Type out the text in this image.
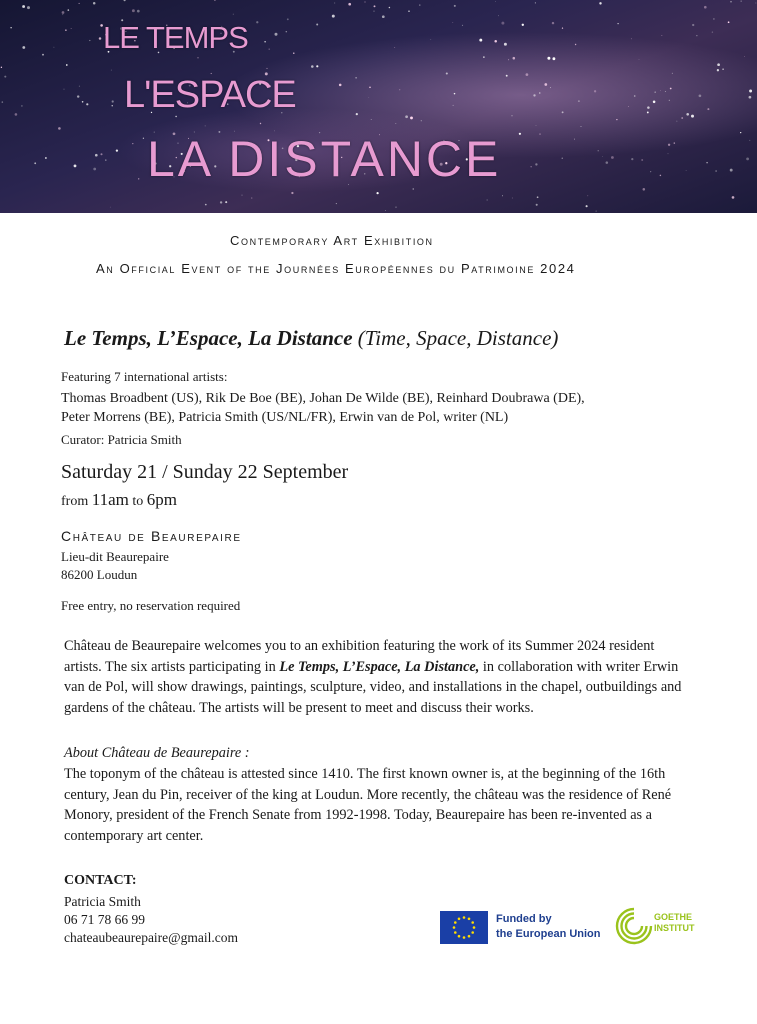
LE TEMPS
L'ESPACE
LA DISTANCE
Contemporary Art Exhibition
An Official Event of the Journées Européennes du Patrimoine 2024
Le Temps, L’Espace, La Distance (Time, Space, Distance)
Featuring 7 international artists:
Thomas Broadbent (US), Rik De Boe (BE), Johan De Wilde (BE), Reinhard Doubrawa (DE),
Peter Morrens (BE), Patricia Smith (US/NL/FR), Erwin van de Pol, writer (NL)
Curator: Patricia Smith
Saturday 21 / Sunday 22 September
from 11am to 6pm
Château de Beaurepaire
Lieu-dit Beaurepaire
86200 Loudun
Free entry, no reservation required
Château de Beaurepaire welcomes you to an exhibition featuring the work of its Summer 2024 resident artists. The six artists participating in Le Temps, L’Espace, La Distance, in collaboration with writer Erwin van de Pol, will show drawings, paintings, sculpture, video, and installations in the chapel, outbuildings and gardens of the château. The artists will be present to meet and discuss their works.
About Château de Beaurepaire :
The toponym of the château is attested since 1410. The first known owner is, at the beginning of the 16th century, Jean du Pin, receiver of the king at Loudun. More recently, the château was the residence of René Monory, president of the French Senate from 1992-1998. Today, Beaurepaire has been re-invented as a contemporary art center.
CONTACT:
Patricia Smith
06 71 78 66 99
chateaubeaurepaire@gmail.com
Funded by
the European Union
GOETHE
INSTITUT
